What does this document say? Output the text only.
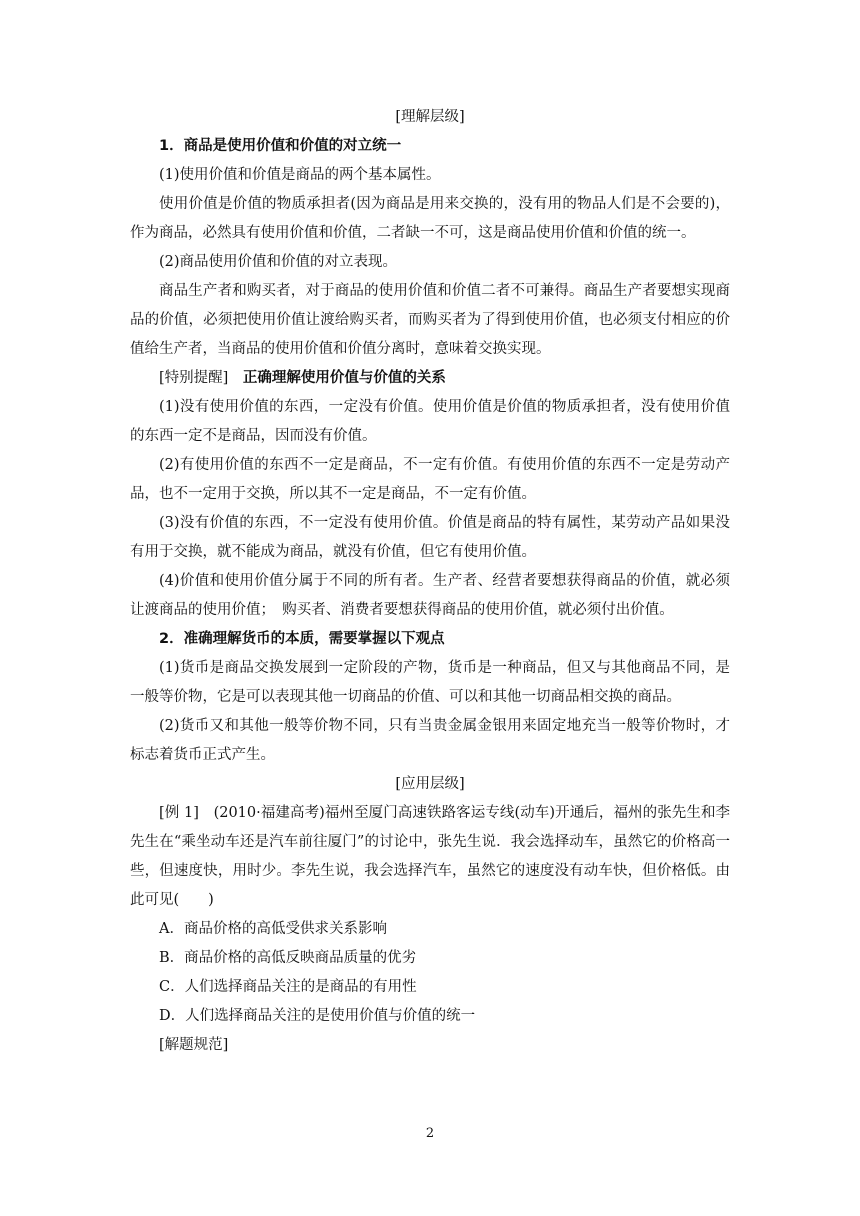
[理解层级]
1．商品是使用价值和价值的对立统一
(1)使用价值和价值是商品的两个基本属性。
使用价值是价值的物质承担者(因为商品是用来交换的，没有用的物品人们是不会要的)，作为商品，必然具有使用价值和价值，二者缺一不可，这是商品使用价值和价值的统一。
(2)商品使用价值和价值的对立表现。
商品生产者和购买者，对于商品的使用价值和价值二者不可兼得。商品生产者要想实现商品的价值，必须把使用价值让渡给购买者，而购买者为了得到使用价值，也必须支付相应的价值给生产者，当商品的使用价值和价值分离时，意味着交换实现。
[特别提醒]　 正确理解使用价值与价值的关系
(1)没有使用价值的东西，一定没有价值。使用价值是价值的物质承担者，没有使用价值的东西一定不是商品，因而没有价值。
(2)有使用价值的东西不一定是商品，不一定有价值。有使用价值的东西不一定是劳动产品，也不一定用于交换，所以其不一定是商品，不一定有价值。
(3)没有价值的东西，不一定没有使用价值。价值是商品的特有属性，某劳动产品如果没有用于交换，就不能成为商品，就没有价值，但它有使用价值。
(4)价值和使用价值分属于不同的所有者。生产者、经营者要想获得商品的价值，就必须让渡商品的使用价值；　购买者、消费者要想获得商品的使用价值，就必须付出价值。
2．准确理解货币的本质，需要掌握以下观点
(1)货币是商品交换发展到一定阶段的产物，货币是一种商品，但又与其他商品不同，是一般等价物，它是可以表现其他一切商品的价值、可以和其他一切商品相交换的商品。
(2)货币又和其他一般等价物不同，只有当贵金属金银用来固定地充当一般等价物时，才标志着货币正式产生。
[应用层级]
[例 1]　 (2010·福建高考)福州至厦门高速铁路客运专线(动车)开通后，福州的张先生和李先生在“乘坐动车还是汽车前往厦门”的讨论中，张先生说．我会选择动车，虽然它的价格高一些，但速度快，用时少。李先生说，我会选择汽车，虽然它的速度没有动车快，但价格低。由此可见(　　)
A．商品价格的高低受供求关系影响
B．商品价格的高低反映商品质量的优劣
C．人们选择商品关注的是商品的有用性
D．人们选择商品关注的是使用价值与价值的统一
[解题规范]
2
